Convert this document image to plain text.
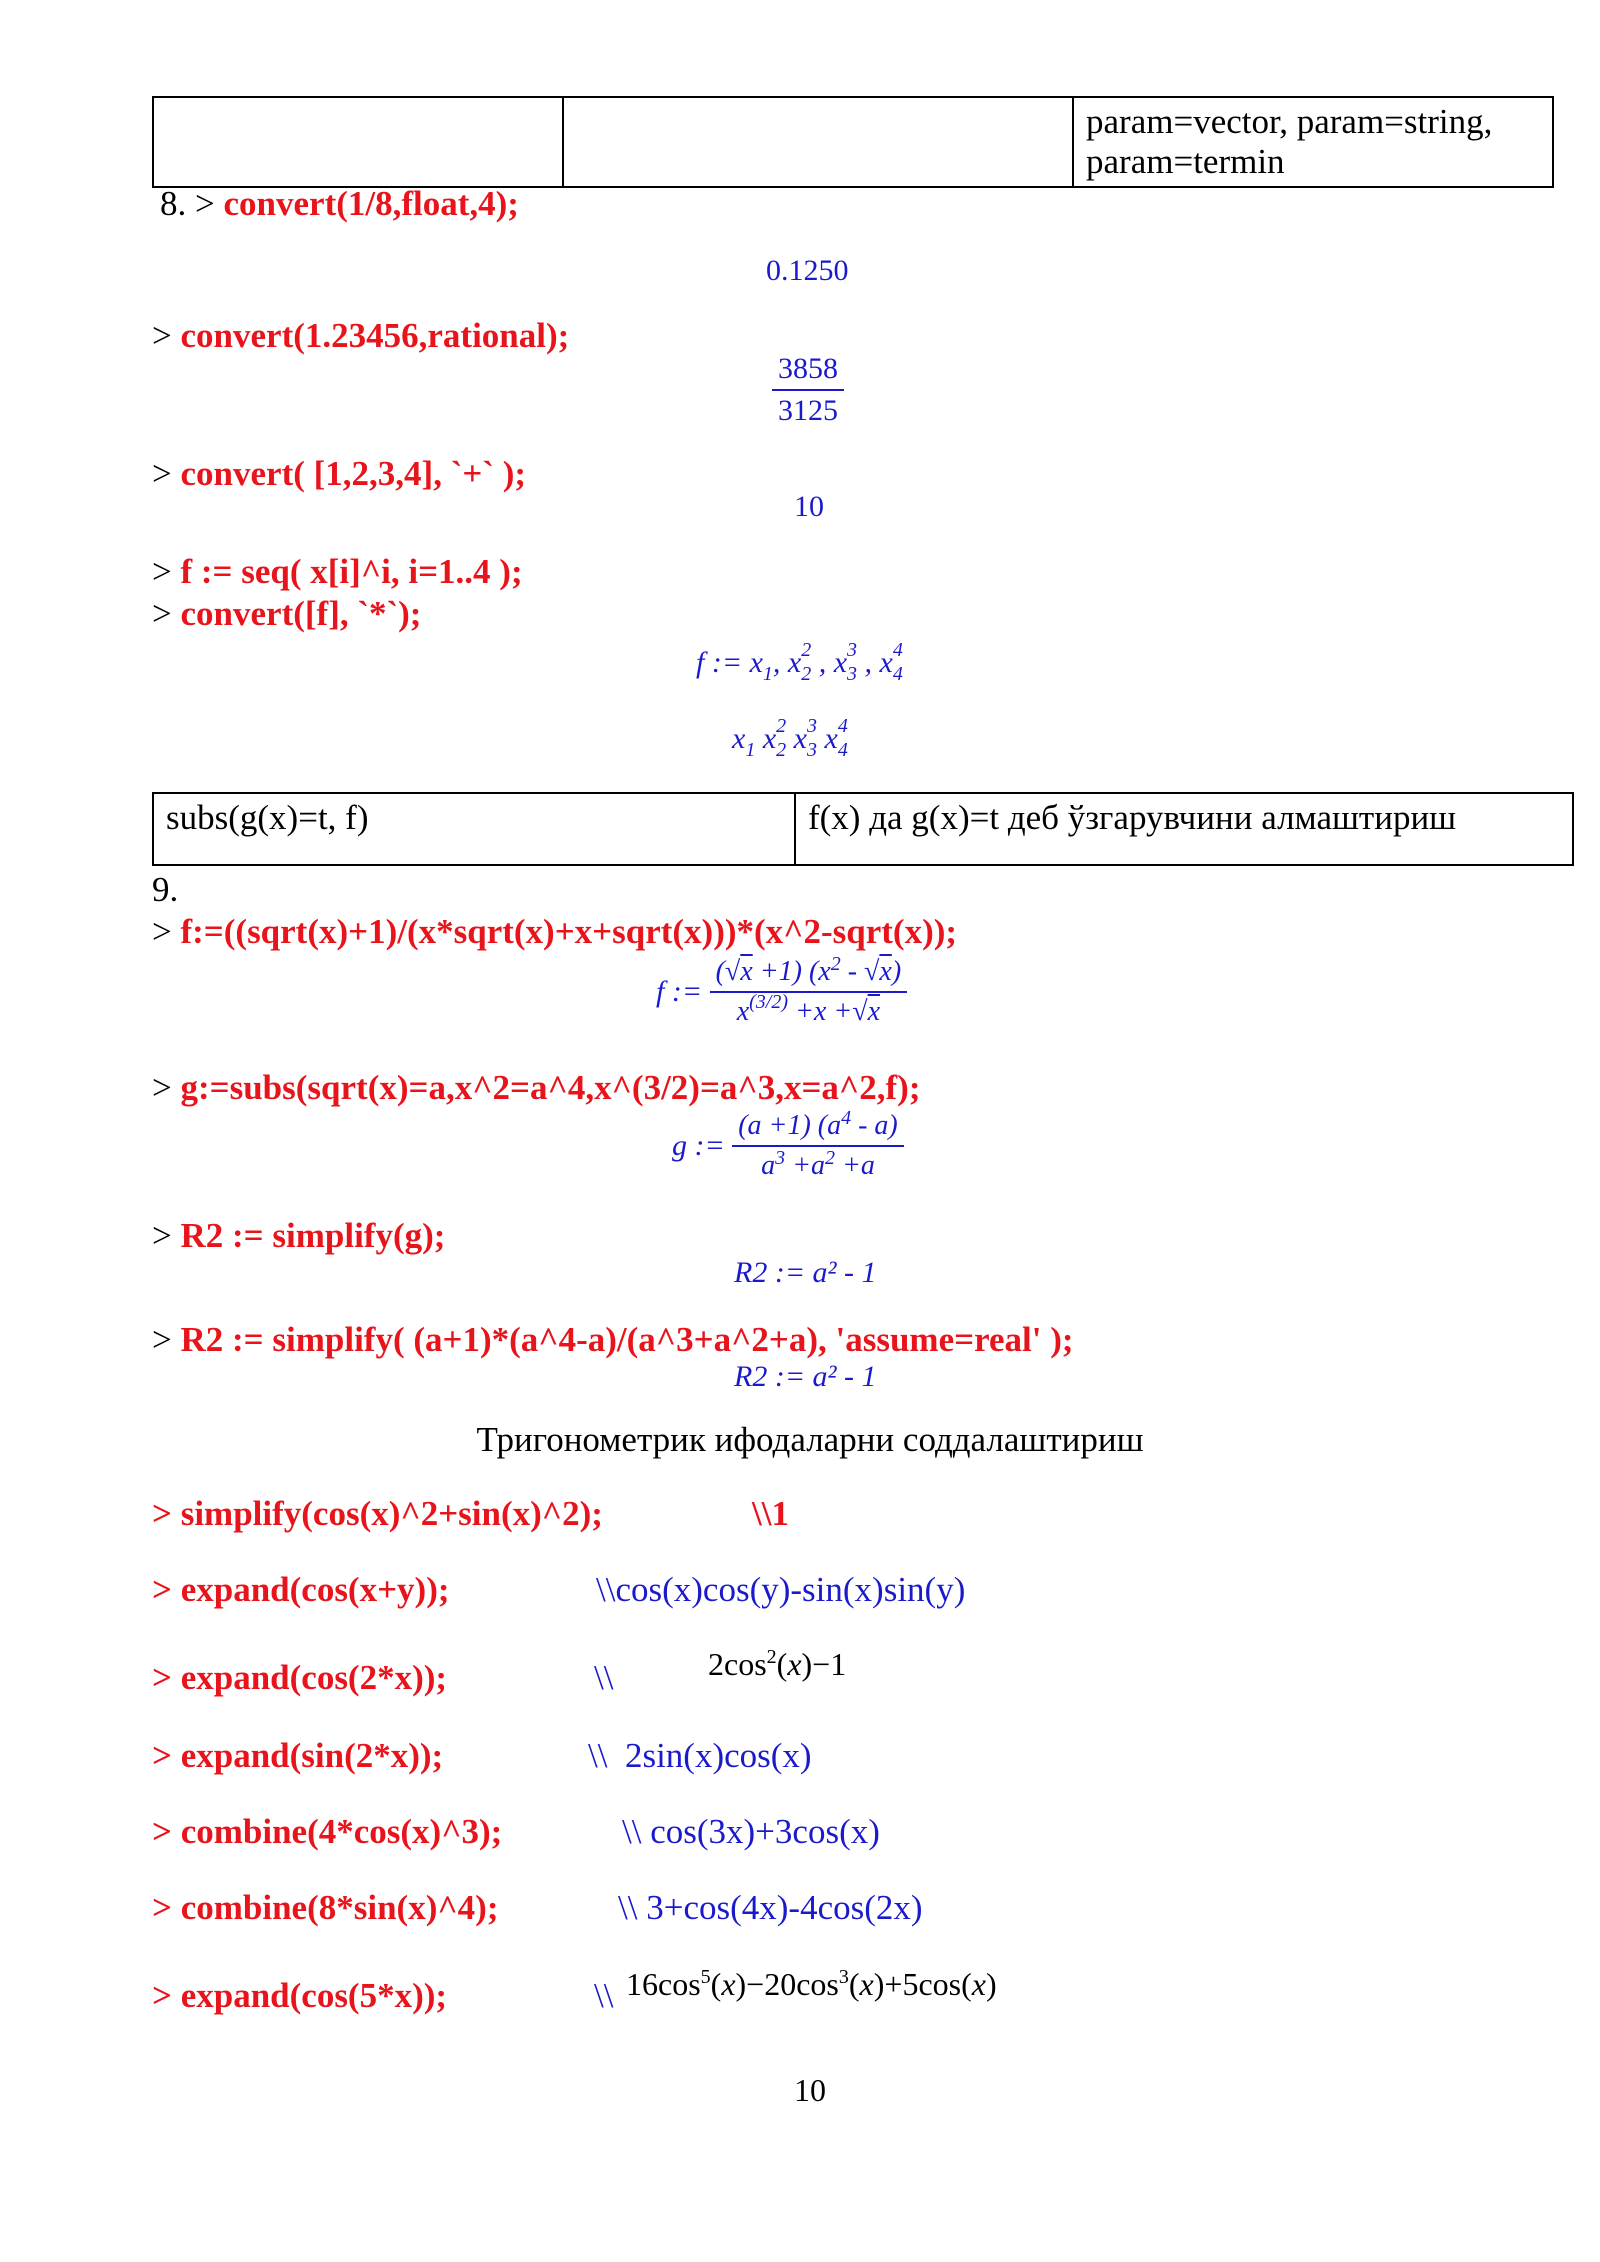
param=vector, param=string,
param=termin
8. > convert(1/8,float,4);
0.1250
> convert(1.23456,rational);
$\frac{3858}{3125}$
> convert( [1,2,3,4], `+` );
10
> f := seq( x[i]^i, i=1..4 );
> convert([f], `*`);
f := $x_1$, $x_2^2$ , $x_3^3$ , $x_4^4$
$x_1$ $x_2^2$ $x_3^3$ $x_4^4$
subs(g(x)=t, f)	f(x) да g(x)=t деб ўзгарувчини алмаштириш
9.
> f:=((sqrt(x)+1)/(x*sqrt(x)+x+sqrt(x)))*(x^2-sqrt(x));
f := $\frac{(√x +1) (x^2 - √x)}{x^{(3/2)} +x +√x}$
> g:=subs(sqrt(x)=a,x^2=a^4,x^(3/2)=a^3,x=a^2,f);
g := $\frac{(a +1) (a^4 - a)}{a^3 +a^2 +a}$
> R2 := simplify(g);
R2 := a² - 1
> R2 := simplify( (a+1)*(a^4-a)/(a^3+a^2+a), 'assume=real' );
R2 := a² - 1
Тригонометрик ифодаларни соддалаштириш
> simplify(cos(x)^2+sin(x)^2);	\\1
> expand(cos(x+y));	\\cos(x)cos(y)-sin(x)sin(y)
> expand(cos(2*x));	\\	$2\cos^2(x)-1$
> expand(sin(2*x));	\\ 2sin(x)cos(x)
> combine(4*cos(x)^3);	\\ cos(3x)+3cos(x)
> combine(8*sin(x)^4);	\\ 3+cos(4x)-4cos(2x)
> expand(cos(5*x));	\\ $16\cos^5(x)-20\cos^3(x)+5\cos(x)$
10
